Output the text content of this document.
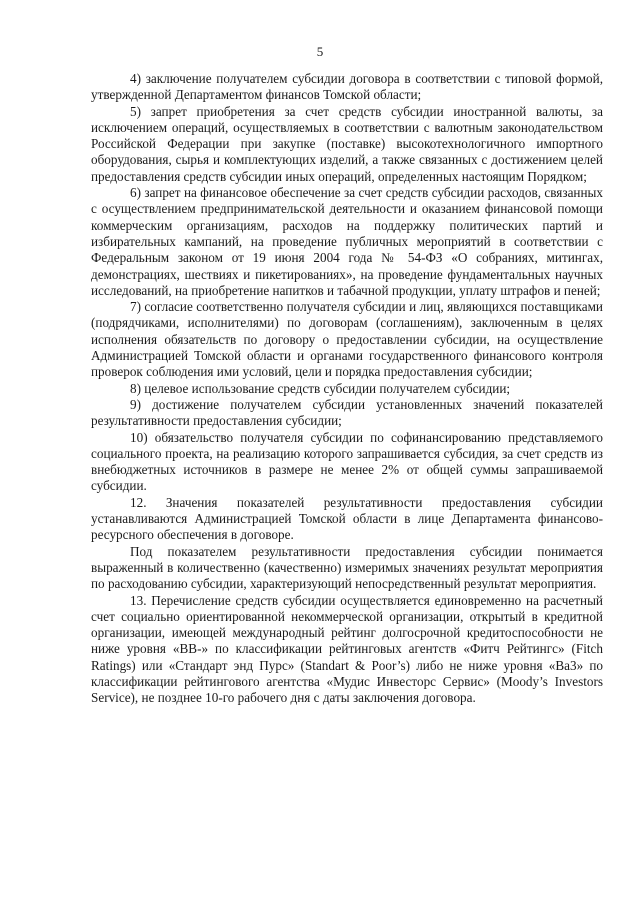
5

4) заключение получателем субсидии договора в соответствии с типовой формой, утвержденной Департаментом финансов Томской области;

5) запрет приобретения за счет средств субсидии иностранной валюты, за исключением операций, осуществляемых в соответствии с валютным законодательством Российской Федерации при закупке (поставке) высокотехнологичного импортного оборудования, сырья и комплектующих изделий, а также связанных с достижением целей предоставления средств субсидии иных операций, определенных настоящим Порядком;

6) запрет на финансовое обеспечение за счет средств субсидии расходов, связанных с осуществлением предпринимательской деятельности и оказанием финансовой помощи коммерческим организациям, расходов на поддержку политических партий и избирательных кампаний, на проведение публичных мероприятий в соответствии с Федеральным законом от 19 июня 2004 года № 54-ФЗ «О собраниях, митингах, демонстрациях, шествиях и пикетированиях», на проведение фундаментальных научных исследований, на приобретение напитков и табачной продукции, уплату штрафов и пеней;

7) согласие соответственно получателя субсидии и лиц, являющихся поставщиками (подрядчиками, исполнителями) по договорам (соглашениям), заключенным в целях исполнения обязательств по договору о предоставлении субсидии, на осуществление Администрацией Томской области и органами государственного финансового контроля проверок соблюдения ими условий, цели и порядка предоставления субсидии;

8) целевое использование средств субсидии получателем субсидии;

9) достижение получателем субсидии установленных значений показателей результативности предоставления субсидии;

10) обязательство получателя субсидии по софинансированию представляемого социального проекта, на реализацию которого запрашивается субсидия, за счет средств из внебюджетных источников в размере не менее 2% от общей суммы запрашиваемой субсидии.

12. Значения показателей результативности предоставления субсидии устанавливаются Администрацией Томской области в лице Департамента финансово-ресурсного обеспечения в договоре.

Под показателем результативности предоставления субсидии понимается выраженный в количественно (качественно) измеримых значениях результат мероприятия по расходованию субсидии, характеризующий непосредственный результат мероприятия.

13. Перечисление средств субсидии осуществляется единовременно на расчетный счет социально ориентированной некоммерческой организации, открытый в кредитной организации, имеющей международный рейтинг долгосрочной кредитоспособности не ниже уровня «ВВ-» по классификации рейтинговых агентств «Фитч Рейтингс» (Fitch Ratings) или «Стандарт энд Пурс» (Standart & Poor’s) либо не ниже уровня «Ba3» по классификации рейтингового агентства «Мудис Инвесторс Сервис» (Moody’s Investors Service), не позднее 10-го рабочего дня с даты заключения договора.
